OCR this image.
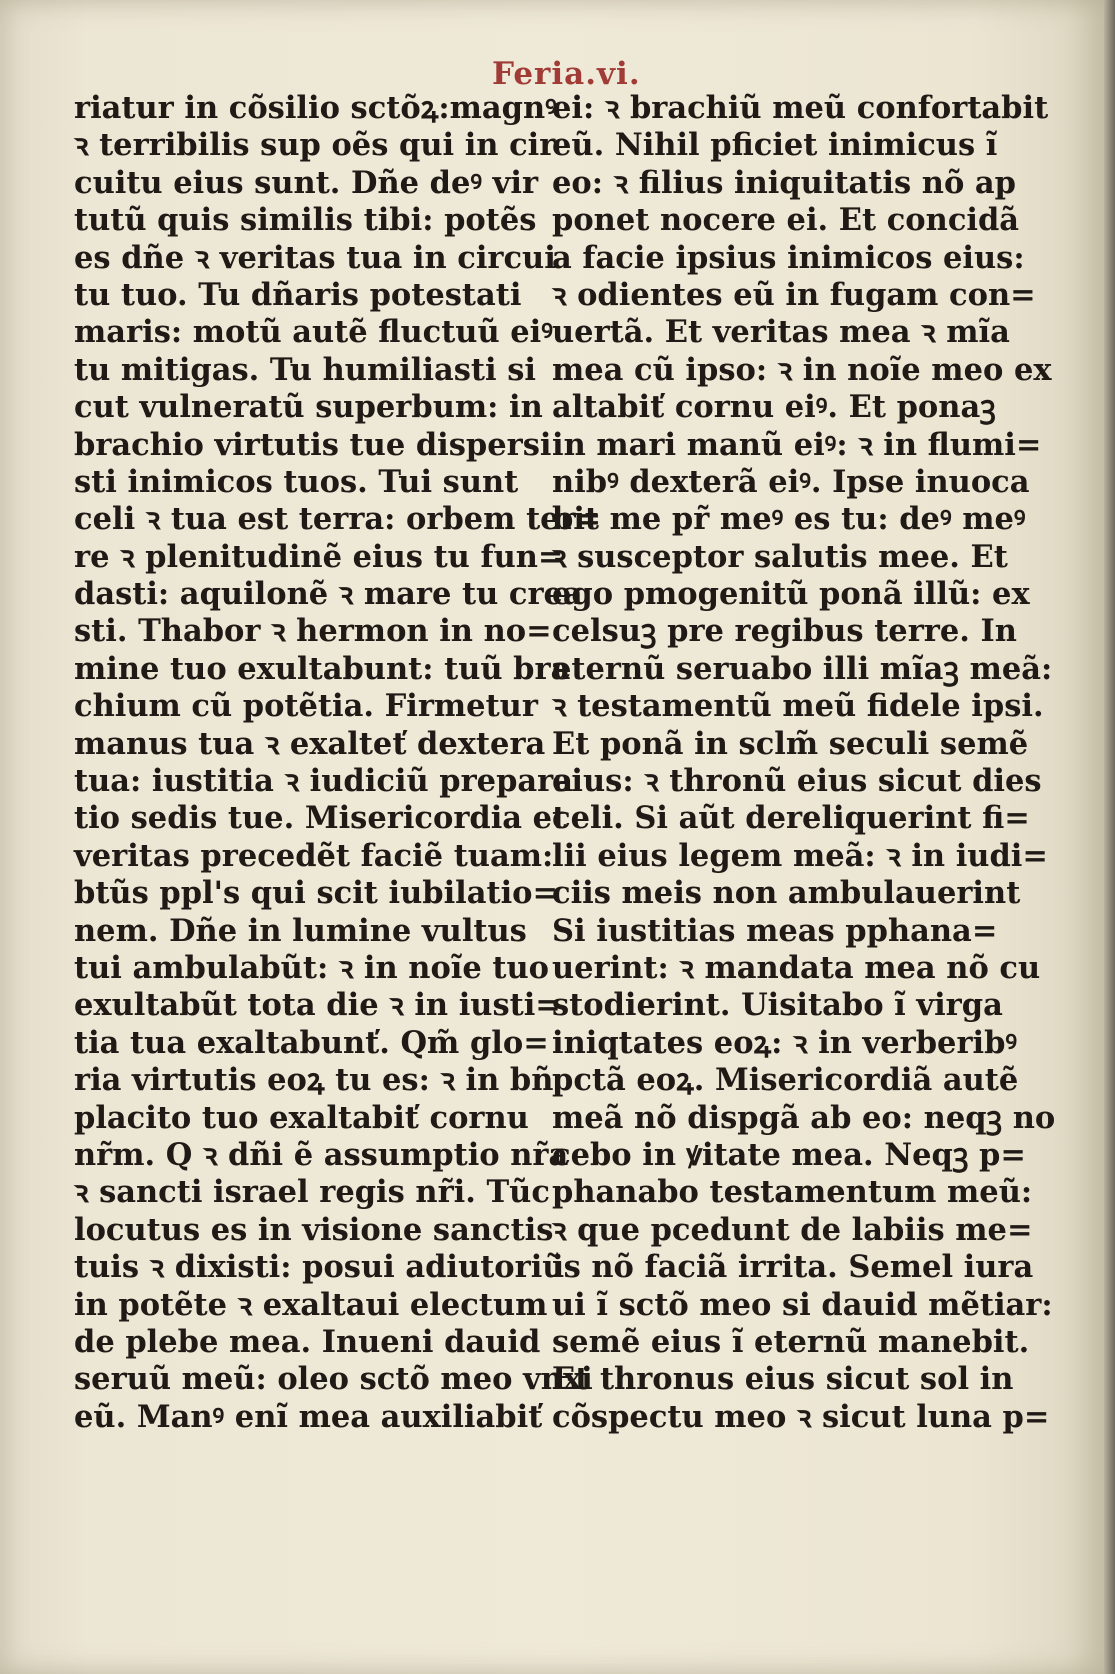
Feria.vi.
riatur in cõsilio sctõꝝ:magnꝰ
ꝛ terribilis sup oẽs qui in cir
cuitu eius sunt. Dñe deꝰ vir
tutũ quis similis tibi: potẽs
es dñe ꝛ veritas tua in circui
tu tuo. Tu dñaris potestati
maris: motũ autẽ fluctuũ eiꝰ
tu mitigas. Tu humiliasti si
cut vulneratũ superbum: in
brachio virtutis tue dispersi
sti inimicos tuos. Tui sunt
celi ꝛ tua est terra: orbem ter=
re ꝛ plenitudinẽ eius tu fun=
dasti: aquilonẽ ꝛ mare tu crea
sti. Thabor ꝛ hermon in no=
mine tuo exultabunt: tuũ bra
chium cũ potẽtia. Firmetur
manus tua ꝛ exalteť dextera
tua: iustitia ꝛ iudiciũ prepara
tio sedis tue. Misericordia et
veritas precedẽt faciẽ tuam:
btũs ppl's qui scit iubilatio=
nem. Dñe in lumine vultus
tui ambulabũt: ꝛ in noĩe tuo
exultabũt tota die ꝛ in iusti=
tia tua exaltabunť. Qm̃ glo=
ria virtutis eoꝝ tu es: ꝛ in bñ
placito tuo exaltabiť cornu
nr̃m. Q ꝛ dñi ẽ assumptio nr̃a
ꝛ sancti israel regis nr̃i. Tũc
locutus es in visione sanctis
tuis ꝛ dixisti: posui adiutoriũ
in potẽte ꝛ exaltaui electum
de plebe mea. Inueni dauid
seruũ meũ: oleo sctõ meo vnxi
eũ. Manꝰ enĩ mea auxiliabiť
ei: ꝛ brachiũ meũ confortabit
eũ. Nihil pficiet inimicus ĩ
eo: ꝛ filius iniquitatis nõ ap
ponet nocere ei. Et concidã
a facie ipsius inimicos eius:
ꝛ odientes eũ in fugam con=
uertã. Et veritas mea ꝛ mĩa
mea cũ ipso: ꝛ in noĩe meo ex
altabiť cornu eiꝰ. Et ponaꝫ
in mari manũ eiꝰ: ꝛ in flumi=
nibꝰ dexterã eiꝰ. Ipse inuoca
bit me pr̃ meꝰ es tu: deꝰ meꝰ
ꝛ susceptor salutis mee. Et
ego pmogenitũ ponã illũ: ex
celsuꝫ pre regibus terre. In
eternũ seruabo illi mĩaꝫ meã:
ꝛ testamentũ meũ fidele ipsi.
Et ponã in sclm̃ seculi semẽ
eius: ꝛ thronũ eius sicut dies
celi. Si aũt dereliquerint fi=
lii eius legem meã: ꝛ in iudi=
ciis meis non ambulauerint
Si iustitias meas pphana=
uerint: ꝛ mandata mea nõ cu
stodierint. Uisitabo ĩ virga
iniqtates eoꝝ: ꝛ in verberibꝰ
pctã eoꝝ. Misericordiã autẽ
meã nõ dispgã ab eo: neqꝫ no
cebo in ꝟitate mea. Neqꝫ p=
phanabo testamentum meũ:
ꝛ que pcedunt de labiis me=
is nõ faciã irrita. Semel iura
ui ĩ sctõ meo si dauid mẽtiar:
semẽ eius ĩ eternũ manebit.
Et thronus eius sicut sol in
cõspectu meo ꝛ sicut luna p=
